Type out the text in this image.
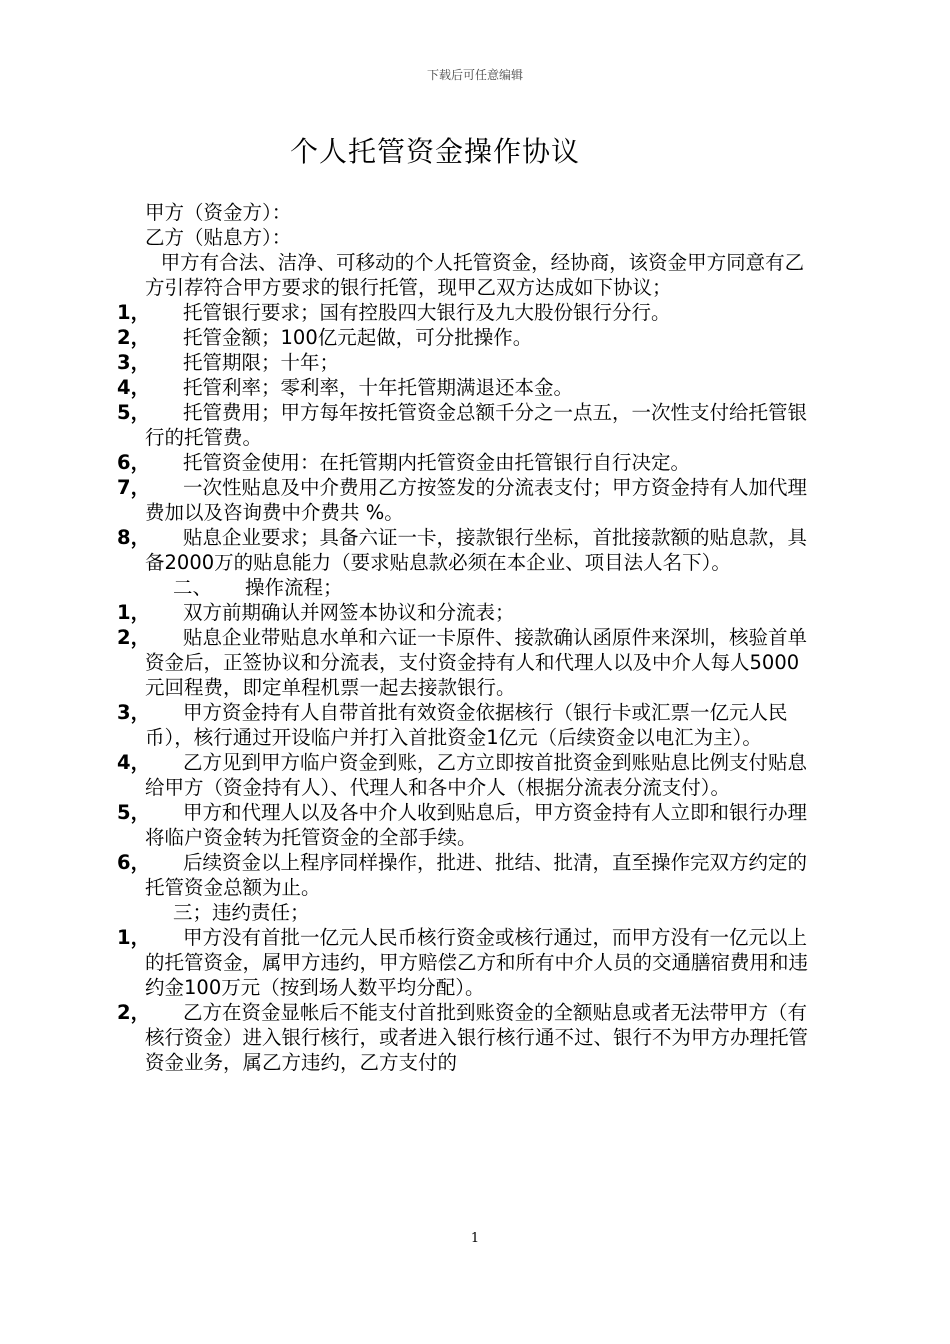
下载后可任意编辑
个人托管资金操作协议

甲方（资金方）：

乙方（贴息方）：

甲方有合法、洁净、可移动的个人托管资金，经协商，该资金甲方同意有乙方引荐符合甲方要求的银行托管，现甲乙双方达成如下协议；

1，	托管银行要求；国有控股四大银行及九大股份银行分行。
2，	托管金额；100亿元起做，可分批操作。
3，	托管期限；十年；
4，	托管利率；零利率，十年托管期满退还本金。
5，	托管费用；甲方每年按托管资金总额千分之一点五，一次性支付给托管银行的托管费。
6，	托管资金使用：在托管期内托管资金由托管银行自行决定。
7，	一次性贴息及中介费用乙方按签发的分流表支付；甲方资金持有人加代理费加以及咨询费中介费共 %。
8，	贴息企业要求；具备六证一卡，接款银行坐标，首批接款额的贴息款，具备2000万的贴息能力（要求贴息款必须在本企业、项目法人名下）。

二、 操作流程；

1，	双方前期确认并网签本协议和分流表；
2，	贴息企业带贴息水单和六证一卡原件、接款确认函原件来深圳，核验首单资金后，正签协议和分流表，支付资金持有人和代理人以及中介人每人5000元回程费，即定单程机票一起去接款银行。
3，	甲方资金持有人自带首批有效资金依据核行（银行卡或汇票一亿元人民币），核行通过开设临户并打入首批资金1亿元（后续资金以电汇为主）。
4，	乙方见到甲方临户资金到账，乙方立即按首批资金到账贴息比例支付贴息给甲方（资金持有人）、代理人和各中介人（根据分流表分流支付）。
5，	甲方和代理人以及各中介人收到贴息后，甲方资金持有人立即和银行办理将临户资金转为托管资金的全部手续。
6，	后续资金以上程序同样操作，批进、批结、批清，直至操作完双方约定的托管资金总额为止。

三；违约责任；

1，	甲方没有首批一亿元人民币核行资金或核行通过，而甲方没有一亿元以上的托管资金，属甲方违约，甲方赔偿乙方和所有中介人员的交通膳宿费用和违约金100万元（按到场人数平均分配）。
2，	乙方在资金显帐后不能支付首批到账资金的全额贴息或者无法带甲方（有核行资金）进入银行核行，或者进入银行核行通不过、银行不为甲方办理托管资金业务，属乙方违约，乙方支付的
1
